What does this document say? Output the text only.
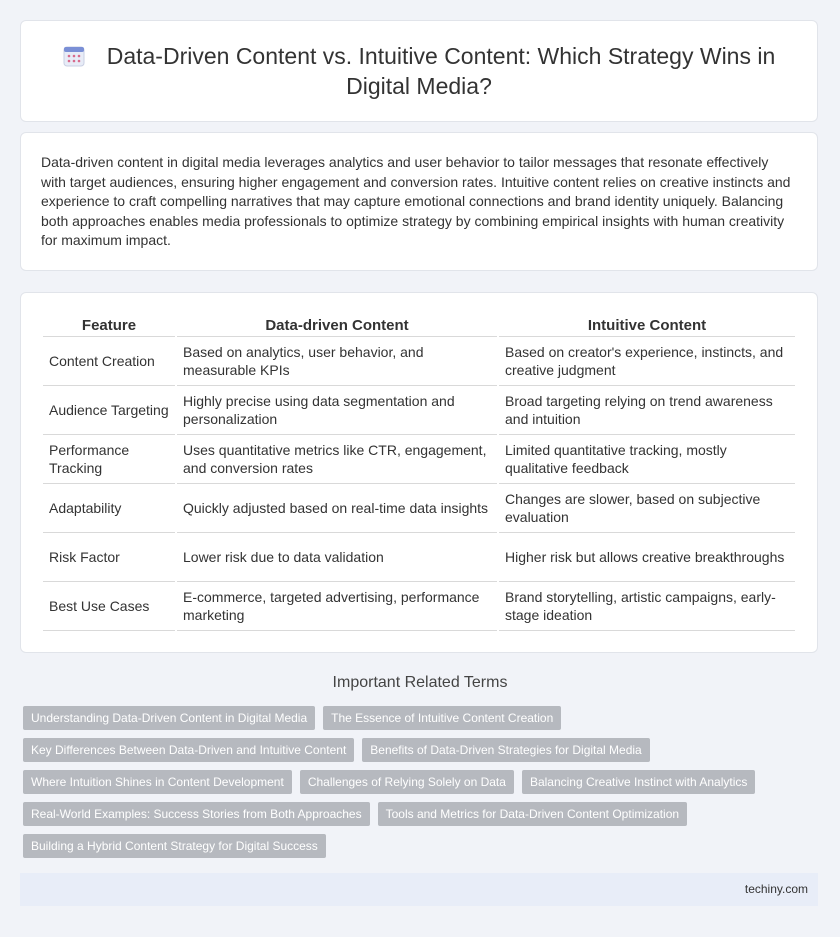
Data-Driven Content vs. Intuitive Content: Which Strategy Wins in Digital Media?
Data-driven content in digital media leverages analytics and user behavior to tailor messages that resonate effectively with target audiences, ensuring higher engagement and conversion rates. Intuitive content relies on creative instincts and experience to craft compelling narratives that may capture emotional connections and brand identity uniquely. Balancing both approaches enables media professionals to optimize strategy by combining empirical insights with human creativity for maximum impact.
Feature	Data-driven Content	Intuitive Content
Content Creation	Based on analytics, user behavior, and measurable KPIs	Based on creator's experience, instincts, and creative judgment
Audience Targeting	Highly precise using data segmentation and personalization	Broad targeting relying on trend awareness and intuition
Performance Tracking	Uses quantitative metrics like CTR, engagement, and conversion rates	Limited quantitative tracking, mostly qualitative feedback
Adaptability	Quickly adjusted based on real-time data insights	Changes are slower, based on subjective evaluation
Risk Factor	Lower risk due to data validation	Higher risk but allows creative breakthroughs
Best Use Cases	E-commerce, targeted advertising, performance marketing	Brand storytelling, artistic campaigns, early-stage ideation
Important Related Terms
Understanding Data-Driven Content in Digital Media	The Essence of Intuitive Content Creation
Key Differences Between Data-Driven and Intuitive Content	Benefits of Data-Driven Strategies for Digital Media
Where Intuition Shines in Content Development	Challenges of Relying Solely on Data	Balancing Creative Instinct with Analytics
Real-World Examples: Success Stories from Both Approaches	Tools and Metrics for Data-Driven Content Optimization
Building a Hybrid Content Strategy for Digital Success
techiny.com
